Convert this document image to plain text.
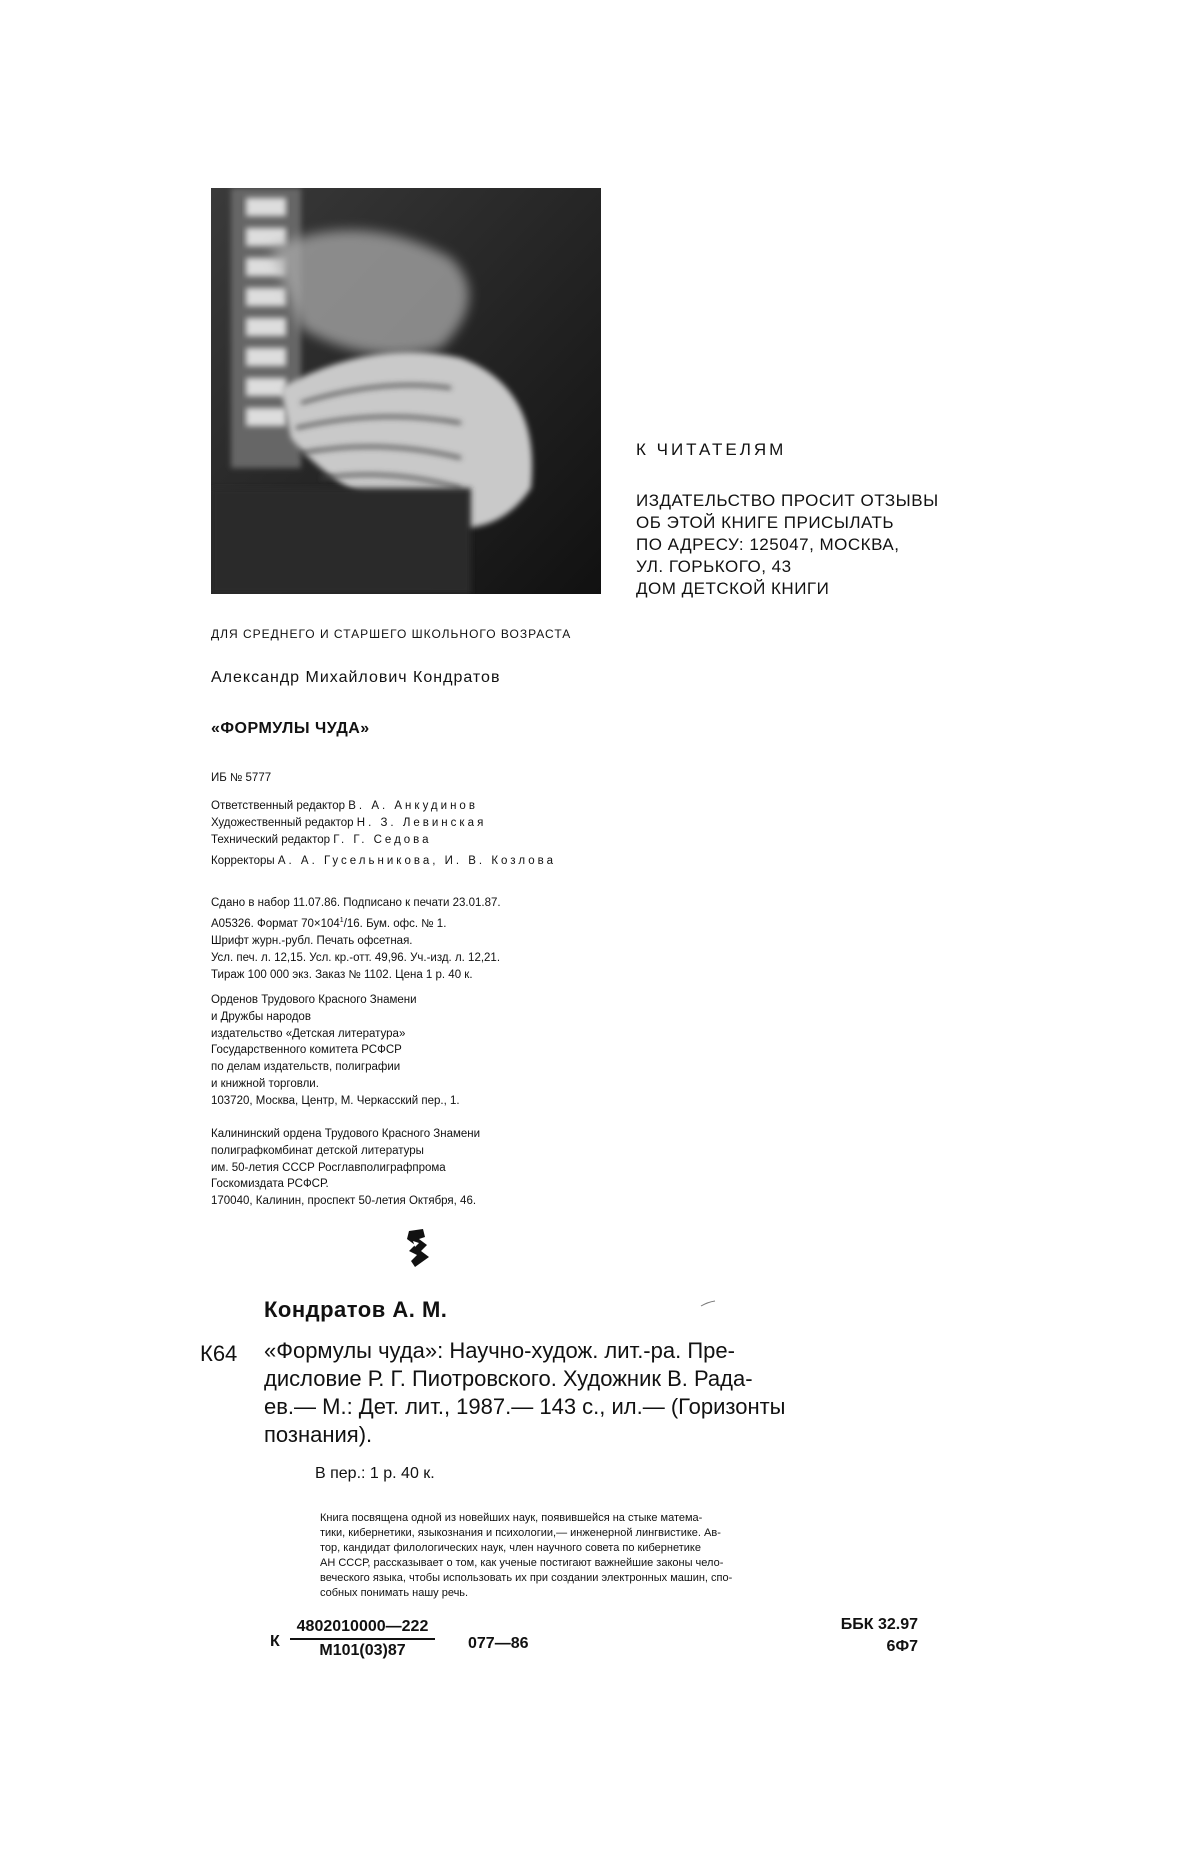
К ЧИТАТЕЛЯМ
ИЗДАТЕЛЬСТВО ПРОСИТ ОТЗЫВЫ
ОБ ЭТОЙ КНИГЕ ПРИСЫЛАТЬ
ПО АДРЕСУ: 125047, МОСКВА,
УЛ. ГОРЬКОГО, 43
ДОМ ДЕТСКОЙ КНИГИ
ДЛЯ СРЕДНЕГО И СТАРШЕГО ШКОЛЬНОГО ВОЗРАСТА
Александр Михайлович Кондратов
«ФОРМУЛЫ ЧУДА»
ИБ № 5777
Ответственный редактор В. А. Анкудинов
Художественный редактор Н. З. Левинская
Технический редактор Г. Г. Седова
Корректоры А. А. Гусельникова, И. В. Козлова
Сдано в набор 11.07.86. Подписано к печати 23.01.87.
А05326. Формат $70\times 104^1/16$. Бум. офс. № 1.
Шрифт журн.-рубл. Печать офсетная.
Усл. печ. л. 12,15. Усл. кр.-отт. 49,96. Уч.-изд. л. 12,21.
Тираж 100 000 экз. Заказ № 1102. Цена 1 р. 40 к.
Орденов Трудового Красного Знамени
и Дружбы народов
издательство «Детская литература»
Государственного комитета РСФСР
по делам издательств, полиграфии
и книжной торговли.
103720, Москва, Центр, М. Черкасский пер., 1.
Калининский ордена Трудового Красного Знамени
полиграфкомбинат детской литературы
им. 50-летия СССР Росглавполиграфпрома
Госкомиздата РСФСР.
170040, Калинин, проспект 50-летия Октября, 46.
Кондратов А. М.
К64 «Формулы чуда»: Научно-худож. лит.-ра. Пре-
дисловие Р. Г. Пиотровского. Художник В. Рада-
ев.— М.: Дет. лит., 1987.— 143 с., ил.— (Горизонты
познания).
В пер.: 1 р. 40 к.
Книга посвящена одной из новейших наук, появившейся на стыке матема-
тики, кибернетики, языкознания и психологии,— инженерной лингвистике. Ав-
тор, кандидат филологических наук, член научного совета по кибернетике
АН СССР, рассказывает о том, как ученые постигают важнейшие законы чело-
веческого языка, чтобы использовать их при создании электронных машин, спо-
собных понимать нашу речь.
К
4802010000—222
М101(03)87	077—86
ББК 32.97
6Ф7
